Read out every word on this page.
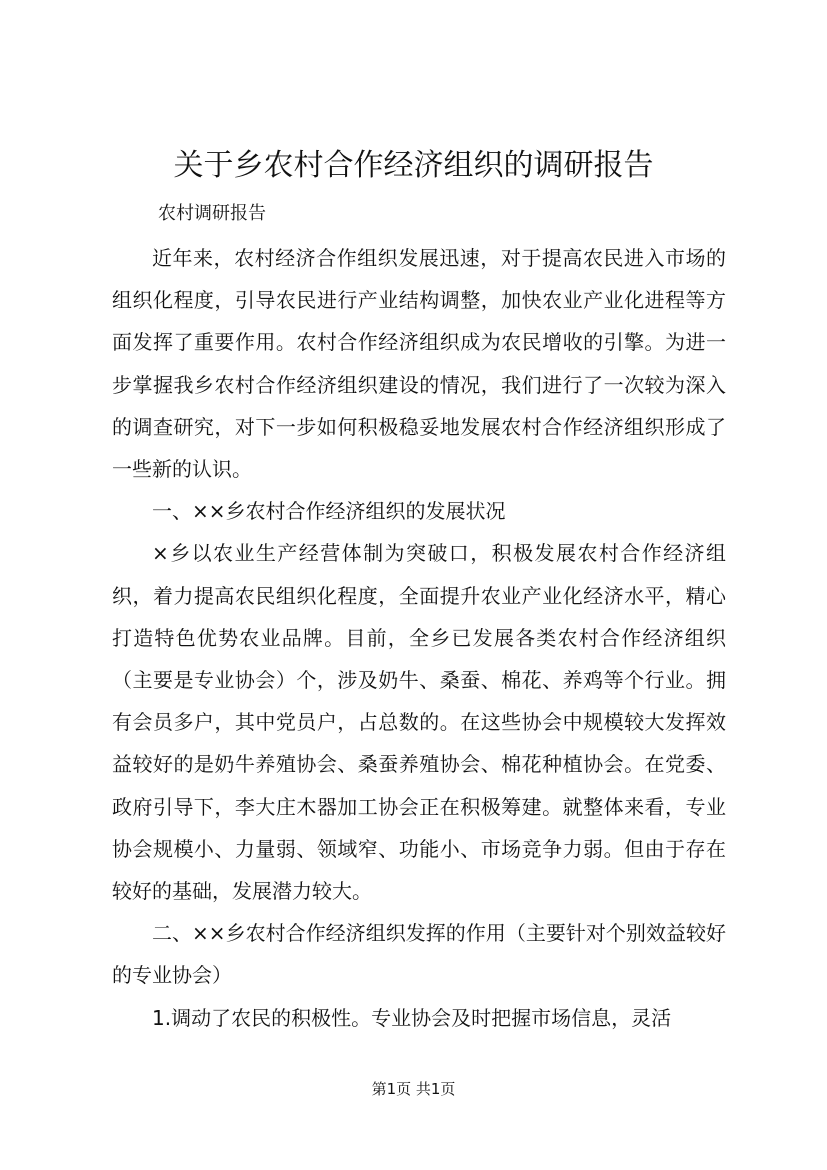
关于乡农村合作经济组织的调研报告
农村调研报告

近年来，农村经济合作组织发展迅速，对于提高农民进入市场的组织化程度，引导农民进行产业结构调整，加快农业产业化进程等方面发挥了重要作用。农村合作经济组织成为农民增收的引擎。为进一步掌握我乡农村合作经济组织建设的情况，我们进行了一次较为深入的调查研究，对下一步如何积极稳妥地发展农村合作经济组织形成了一些新的认识。

一、××乡农村合作经济组织的发展状况

×乡以农业生产经营体制为突破口，积极发展农村合作经济组织，着力提高农民组织化程度，全面提升农业产业化经济水平，精心打造特色优势农业品牌。目前，全乡已发展各类农村合作经济组织（主要是专业协会）个，涉及奶牛、桑蚕、棉花、养鸡等个行业。拥有会员多户，其中党员户，占总数的。在这些协会中规模较大发挥效益较好的是奶牛养殖协会、桑蚕养殖协会、棉花种植协会。在党委、政府引导下，李大庄木器加工协会正在积极筹建。就整体来看，专业协会规模小、力量弱、领域窄、功能小、市场竞争力弱。但由于存在较好的基础，发展潜力较大。

二、××乡农村合作经济组织发挥的作用（主要针对个别效益较好的专业协会）

1.调动了农民的积极性。专业协会及时把握市场信息，灵活

第1页 共1页
